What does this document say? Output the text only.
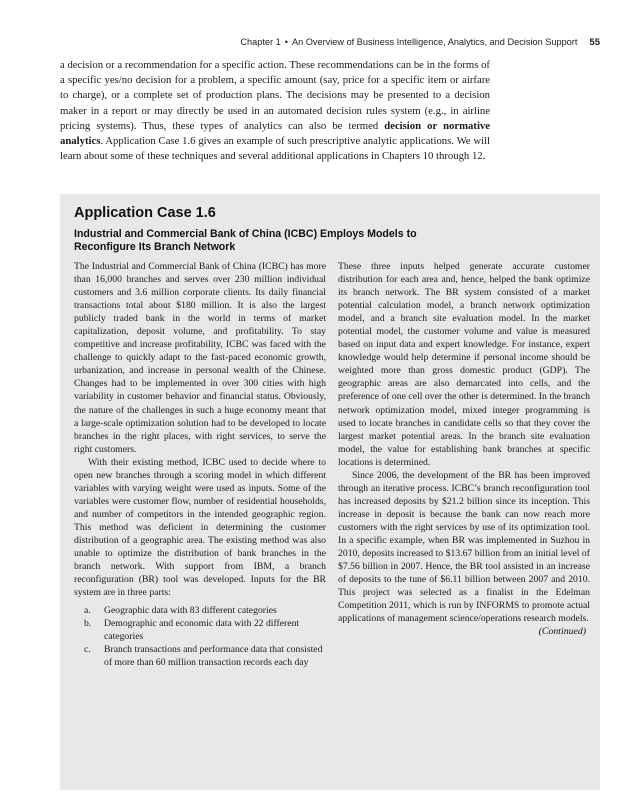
Chapter 1 • An Overview of Business Intelligence, Analytics, and Decision Support 55

a decision or a recommendation for a specific action. These recommendations can be in the forms of a specific yes/no decision for a problem, a specific amount (say, price for a specific item or airfare to charge), or a complete set of production plans. The decisions may be presented to a decision maker in a report or may directly be used in an automated decision rules system (e.g., in airline pricing systems). Thus, these types of analytics can also be termed decision or normative analytics. Application Case 1.6 gives an example of such prescriptive analytic applications. We will learn about some of these techniques and several additional applications in Chapters 10 through 12.

Application Case 1.6
Industrial and Commercial Bank of China (ICBC) Employs Models to Reconfigure Its Branch Network

The Industrial and Commercial Bank of China (ICBC) has more than 16,000 branches and serves over 230 million individual customers and 3.6 million corporate clients. Its daily financial transactions total about $180 million. It is also the largest publicly traded bank in the world in terms of market capitalization, deposit volume, and profitability. To stay competitive and increase profitability, ICBC was faced with the challenge to quickly adapt to the fast-paced economic growth, urbanization, and increase in personal wealth of the Chinese. Changes had to be implemented in over 300 cities with high variability in customer behavior and financial status. Obviously, the nature of the challenges in such a huge economy meant that a large-scale optimization solution had to be developed to locate branches in the right places, with right services, to serve the right customers.

With their existing method, ICBC used to decide where to open new branches through a scoring model in which different variables with varying weight were used as inputs. Some of the variables were customer flow, number of residential households, and number of competitors in the intended geographic region. This method was deficient in determining the customer distribution of a geographic area. The existing method was also unable to optimize the distribution of bank branches in the branch network. With support from IBM, a branch reconfiguration (BR) tool was developed. Inputs for the BR system are in three parts:

a. Geographic data with 83 different categories
b. Demographic and economic data with 22 different categories
c. Branch transactions and performance data that consisted of more than 60 million transaction records each day

These three inputs helped generate accurate customer distribution for each area and, hence, helped the bank optimize its branch network. The BR system consisted of a market potential calculation model, a branch network optimization model, and a branch site evaluation model. In the market potential model, the customer volume and value is measured based on input data and expert knowledge. For instance, expert knowledge would help determine if personal income should be weighted more than gross domestic product (GDP). The geographic areas are also demarcated into cells, and the preference of one cell over the other is determined. In the branch network optimization model, mixed integer programming is used to locate branches in candidate cells so that they cover the largest market potential areas. In the branch site evaluation model, the value for establishing bank branches at specific locations is determined.

Since 2006, the development of the BR has been improved through an iterative process. ICBC’s branch reconfiguration tool has increased deposits by $21.2 billion since its inception. This increase in deposit is because the bank can now reach more customers with the right services by use of its optimization tool. In a specific example, when BR was implemented in Suzhou in 2010, deposits increased to $13.67 billion from an initial level of $7.56 billion in 2007. Hence, the BR tool assisted in an increase of deposits to the tune of $6.11 billion between 2007 and 2010. This project was selected as a finalist in the Edelman Competition 2011, which is run by INFORMS to promote actual applications of management science/operations research models.

(Continued)
